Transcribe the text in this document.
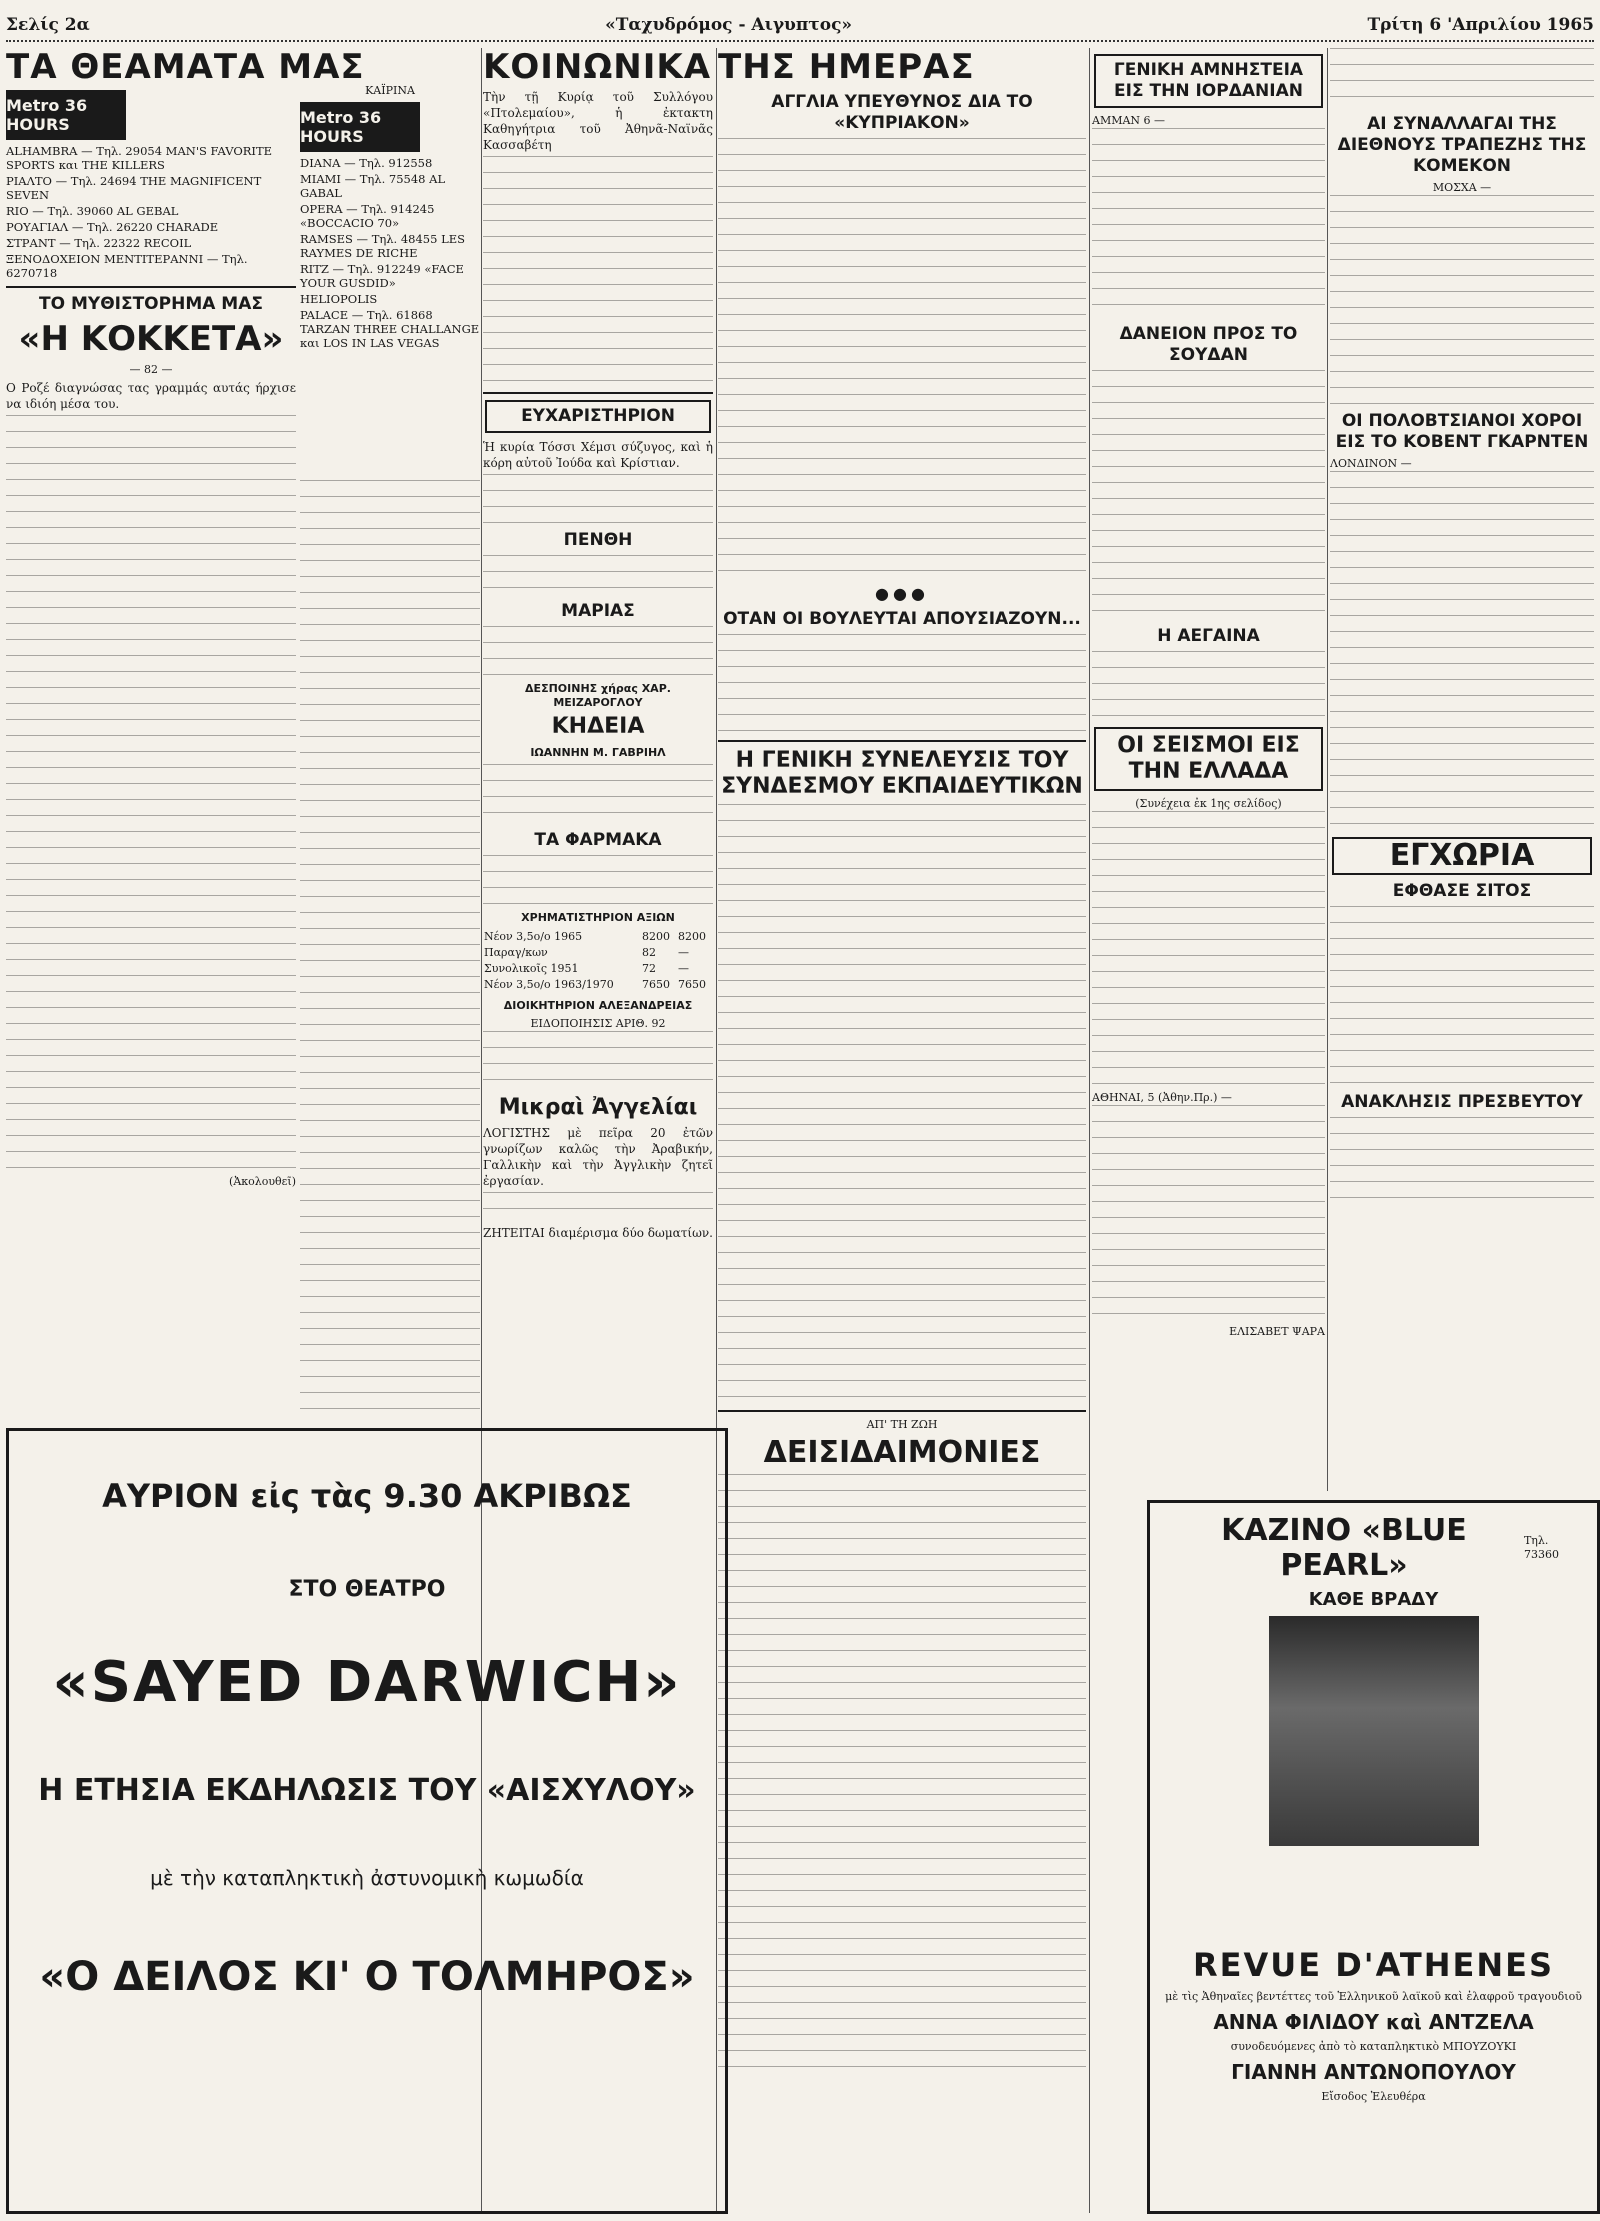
Σελίς 2α	«Ταχυδρόμος - Αιγυπτος»	Τρίτη 6 'Απριλίου 1965
ΤΑ ΘΕΑΜΑΤΑ ΜΑΣ
Metro 36 HOURS
ALHAMBRA — Τηλ. 29054 MAN'S FAVORITE SPORTS και THE KILLERS
ΡΙΑΛΤΟ — Τηλ. 24694 THE MAGNIFICENT SEVEN
RIO — Τηλ. 39060 AL GEBAL
ΡΟΥΑΓΙΑΛ — Τηλ. 26220 CHARADE
ΣΤΡΑΝΤ — Τηλ. 22322 RECOIL
ΞΕΝΟΔΟΧΕΙΟΝ ΜΕΝΤΙΤΕΡΑΝΝΙ — Τηλ. 6270718
ΤΟ ΜΥΘΙΣΤΟΡΗΜΑ ΜΑΣ
«Η ΚΟΚΚΕΤΑ»
— 82 —

Ο Ροζέ διαγνώσας τας γραμμάς αυτάς ήρχισε να ιδιόη μέσα του.

(Ἀκολουθεῖ)
ΚΑΪΡΙΝΑ
Metro 36 HOURS
DIANA — Τηλ. 912558
MIAMI — Τηλ. 75548 AL GABAL
OPERA — Τηλ. 914245 «BOCCACIO 70»
RAMSES — Τηλ. 48455 LES RAYMES DE RICHE
RITZ — Τηλ. 912249 «FACE YOUR GUSDID»
HELIOPOLIS
PALACE — Τηλ. 61868 TARZAN THREE CHALLANGE και LOS IN LAS VEGAS
ΚΟΙΝΩΝΙΚΑ

Τὴν τῇ Κυρίᾳ τοῦ Συλλόγου «Πτολεμαίου», ἡ ἐκτακτη Καθηγήτρια τοῦ Ἀθηνᾶ-Ναϊνᾶς Κασσαβέτη

ΕΥΧΑΡΙΣΤΗΡΙΟΝ

Ἡ κυρία Τόσσι Χέμσι σύζυγος, καὶ ἡ κόρη αὐτοῦ Ἰούδα καὶ Κρίστιαν.

ΠΕΝΘΗ
ΜΑΡΙΑΣ
ΔΕΣΠΟΙΝΗΣ χήρας ΧΑΡ. ΜΕΙΖΑΡΟΓΛΟΥ
ΚΗΔΕΙΑ
ΙΩΑΝΝΗΝ Μ. ΓΑΒΡΙΗΛ
ΤΑ ΦΑΡΜΑΚΑ
ΧΡΗΜΑΤΙΣΤΗΡΙΟΝ ΑΞΙΩΝ
Νέον 3,5ο/ο 1965	8200	8200
Παραγ/κων	82	—
Συνολικοῖς 1951	72	—
Νέον 3,5ο/ο 1963/1970	7650	7650
ΔΙΟΙΚΗΤΗΡΙΟΝ ΑΛΕΞΑΝΔΡΕΙΑΣ
ΕΙΔΟΠΟΙΗΣΙΣ ΑΡΙΘ. 92
Μικραὶ Ἀγγελίαι

ΛΟΓΙΣΤΗΣ μὲ πεῖρα 20 ἐτῶν γνωρίζων καλῶς τὴν Ἀραβικήν, Γαλλικὴν καὶ τὴν Ἀγγλικὴν ζητεῖ ἐργασίαν.

ΖΗΤΕΙΤΑΙ διαμέρισμα δύο δωματίων.

ΤΗΣ ΗΜΕΡΑΣ
ΑΓΓΛΙΑ ΥΠΕΥΘΥΝΟΣ ΔΙΑ ΤΟ «ΚΥΠΡΙΑΚΟΝ»
●●●
ΟΤΑΝ ΟΙ ΒΟΥΛΕΥΤΑΙ ΑΠΟΥΣΙΑΖΟΥΝ...
Η ΓΕΝΙΚΗ ΣΥΝΕΛΕΥΣΙΣ ΤΟΥ ΣΥΝΔΕΣΜΟΥ ΕΚΠΑΙΔΕΥΤΙΚΩΝ
ΑΠ' ΤΗ ΖΩΗ
ΔΕΙΣΙΔΑΙΜΟΝΙΕΣ
ΓΕΝΙΚΗ ΑΜΝΗΣΤΕΙΑ ΕΙΣ ΤΗΝ ΙΟΡΔΑΝΙΑΝ
ΑΜΜΑΝ 6 —
ΔΑΝΕΙΟΝ ΠΡΟΣ ΤΟ ΣΟΥΔΑΝ
Η ΑΕΓΑΙΝΑ
ΟΙ ΣΕΙΣΜΟΙ ΕΙΣ ΤΗΝ ΕΛΛΑΔΑ
(Συνέχεια ἐκ 1ης σελίδος)
ΑΘΗΝΑΙ, 5 (Ἀθην.Πρ.) —
ΕΛΙΣΑΒΕΤ ΨΑΡΑ
ΑΙ ΣΥΝΑΛΛΑΓΑΙ ΤΗΣ ΔΙΕΘΝΟΥΣ ΤΡΑΠΕΖΗΣ ΤΗΣ ΚΟΜΕΚΟΝ
ΜΟΣΧΑ —
ΟΙ ΠΟΛΟΒΤΣΙΑΝΟΙ ΧΟΡΟΙ ΕΙΣ ΤΟ ΚΟΒΕΝΤ ΓΚΑΡΝΤΕΝ
ΛΟΝΔΙΝΟΝ —
ΕΓΧΩΡΙΑ
ΕΦΘΑΣΕ ΣΙΤΟΣ
ΑΝΑΚΛΗΣΙΣ ΠΡΕΣΒΕΥΤΟΥ
ΑΥΡΙΟΝ εἰς τὰς 9.30 ΑΚΡΙΒΩΣ
ΣΤΟ ΘΕΑΤΡΟ
«SAYED DARWICH»
Η ΕΤΗΣΙΑ ΕΚΔΗΛΩΣΙΣ ΤΟΥ «ΑΙΣΧΥΛΟΥ»
μὲ τὴν καταπληκτικὴ ἀστυνομικὴ κωμωδία
«Ο ΔΕΙΛΟΣ ΚΙ' Ο ΤΟΛΜΗΡΟΣ»
KAZINO «BLUE PEARL»
Τηλ. 73360
ΚΑΘΕ ΒΡΑΔΥ
REVUE D'ATHENES
μὲ τὶς Ἀθηναῖες βεντέττες τοῦ Ἑλληνικοῦ λαϊκοῦ καὶ ἐλαφροῦ τραγουδιοῦ
ΑΝΝΑ ΦΙΛΙΔΟΥ καὶ ΑΝΤΖΕΛΑ
συνοδευόμενες ἀπὸ τὸ καταπληκτικὸ ΜΠΟΥΖΟΥΚΙ
ΓΙΑΝΝΗ ΑΝΤΩΝΟΠΟΥΛΟΥ
Εἴσοδος Ἐλευθέρα
